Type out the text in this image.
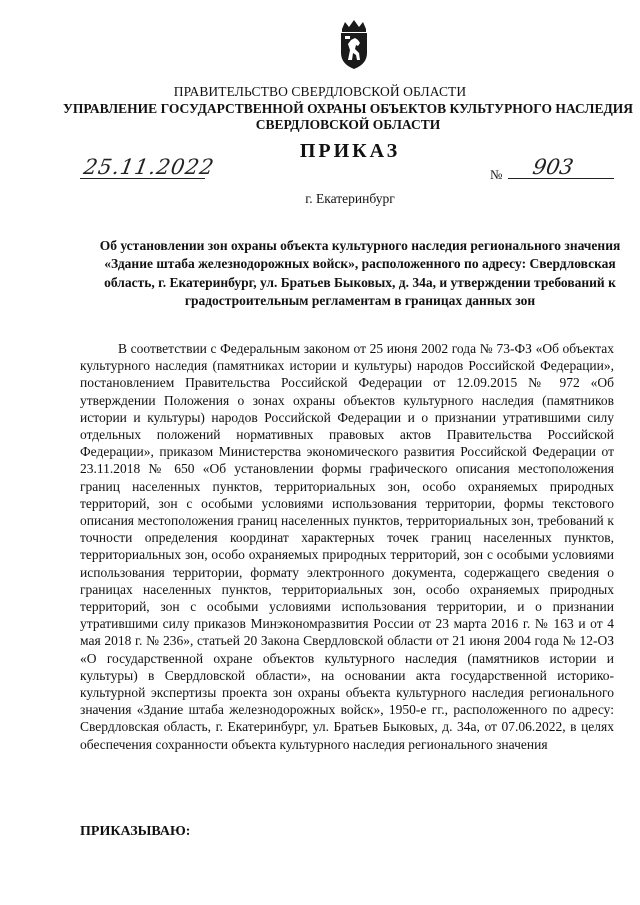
ПРАВИТЕЛЬСТВО СВЕРДЛОВСКОЙ ОБЛАСТИ
УПРАВЛЕНИЕ ГОСУДАРСТВЕННОЙ ОХРАНЫ ОБЪЕКТОВ КУЛЬТУРНОГО НАСЛЕДИЯ СВЕРДЛОВСКОЙ ОБЛАСТИ
ПРИКАЗ
25.11.2022	№ 903
г. Екатеринбург
Об установлении зон охраны объекта культурного наследия регионального значения «Здание штаба железнодорожных войск», расположенного по адресу: Свердловская область, г. Екатеринбург, ул. Братьев Быковых, д. 34а, и утверждении требований к градостроительным регламентам в границах данных зон

В соответствии с Федеральным законом от 25 июня 2002 года № 73-ФЗ «Об объектах культурного наследия (памятниках истории и культуры) народов Российской Федерации», постановлением Правительства Российской Федерации от 12.09.2015 № 972 «Об утверждении Положения о зонах охраны объектов культурного наследия (памятников истории и культуры) народов Российской Федерации и о признании утратившими силу отдельных положений нормативных правовых актов Правительства Российской Федерации», приказом Министерства экономического развития Российской Федерации от 23.11.2018 № 650 «Об установлении формы графического описания местоположения границ населенных пунктов, территориальных зон, особо охраняемых природных территорий, зон с особыми условиями использования территории, формы текстового описания местоположения границ населенных пунктов, территориальных зон, требований к точности определения координат характерных точек границ населенных пунктов, территориальных зон, особо охраняемых природных территорий, зон с особыми условиями использования территории, формату электронного документа, содержащего сведения о границах населенных пунктов, территориальных зон, особо охраняемых природных территорий, зон с особыми условиями использования территории, и о признании утратившими силу приказов Минэкономразвития России от 23 марта 2016 г. № 163 и от 4 мая 2018 г. № 236», статьей 20 Закона Свердловской области от 21 июня 2004 года № 12-ОЗ «О государственной охране объектов культурного наследия (памятников истории и культуры) в Свердловской области», на основании акта государственной историко-культурной экспертизы проекта зон охраны объекта культурного наследия регионального значения «Здание штаба железнодорожных войск», 1950-е гг., расположенного по адресу: Свердловская область, г. Екатеринбург, ул. Братьев Быковых, д. 34а, от 07.06.2022, в целях обеспечения сохранности объекта культурного наследия регионального значения

ПРИКАЗЫВАЮ:
